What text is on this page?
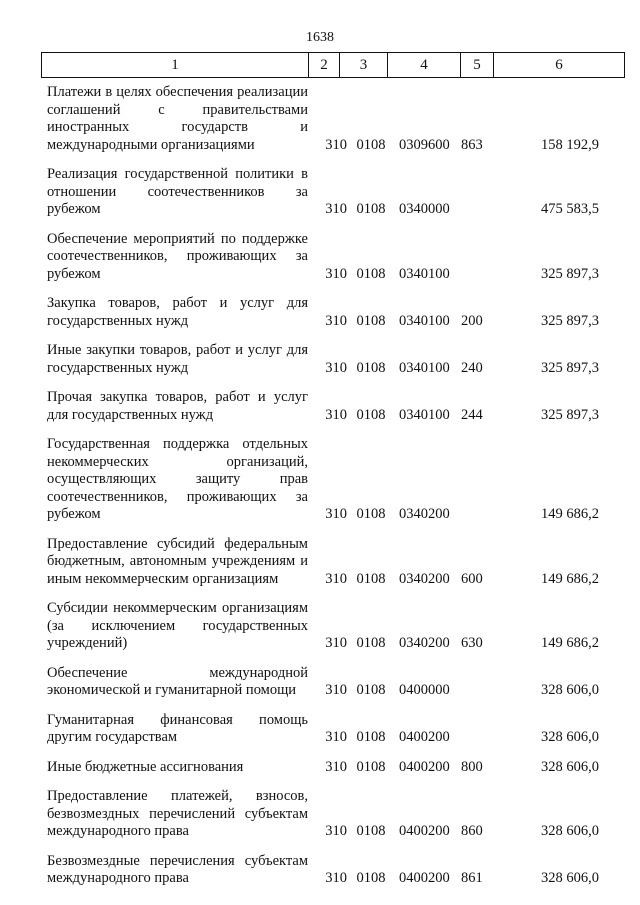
1638
1	2	3	4	5	6
Платежи в целях обеспечения реализации соглашений с правительствами иностранных государств и международными организациями	310 0108 0309600 863	158 192,9
Реализация государственной политики в отношении соотечественников за рубежом	310 0108 0340000	475 583,5
Обеспечение мероприятий по поддержке соотечественников, проживающих за рубежом	310 0108 0340100	325 897,3
Закупка товаров, работ и услуг для государственных нужд	310 0108 0340100 200	325 897,3
Иные закупки товаров, работ и услуг для государственных нужд	310 0108 0340100 240	325 897,3
Прочая закупка товаров, работ и услуг для государственных нужд	310 0108 0340100 244	325 897,3
Государственная поддержка отдельных некоммерческих организаций, осуществляющих защиту прав соотечественников, проживающих за рубежом	310 0108 0340200	149 686,2
Предоставление субсидий федеральным бюджетным, автономным учреждениям и иным некоммерческим организациям	310 0108 0340200 600	149 686,2
Субсидии некоммерческим организациям (за исключением государственных учреждений)	310 0108 0340200 630	149 686,2
Обеспечение международной экономической и гуманитарной помощи	310 0108 0400000	328 606,0
Гуманитарная финансовая помощь другим государствам	310 0108 0400200	328 606,0
Иные бюджетные ассигнования	310 0108 0400200 800	328 606,0
Предоставление платежей, взносов, безвозмездных перечислений субъектам международного права	310 0108 0400200 860	328 606,0
Безвозмездные перечисления субъектам международного права	310 0108 0400200 861	328 606,0
